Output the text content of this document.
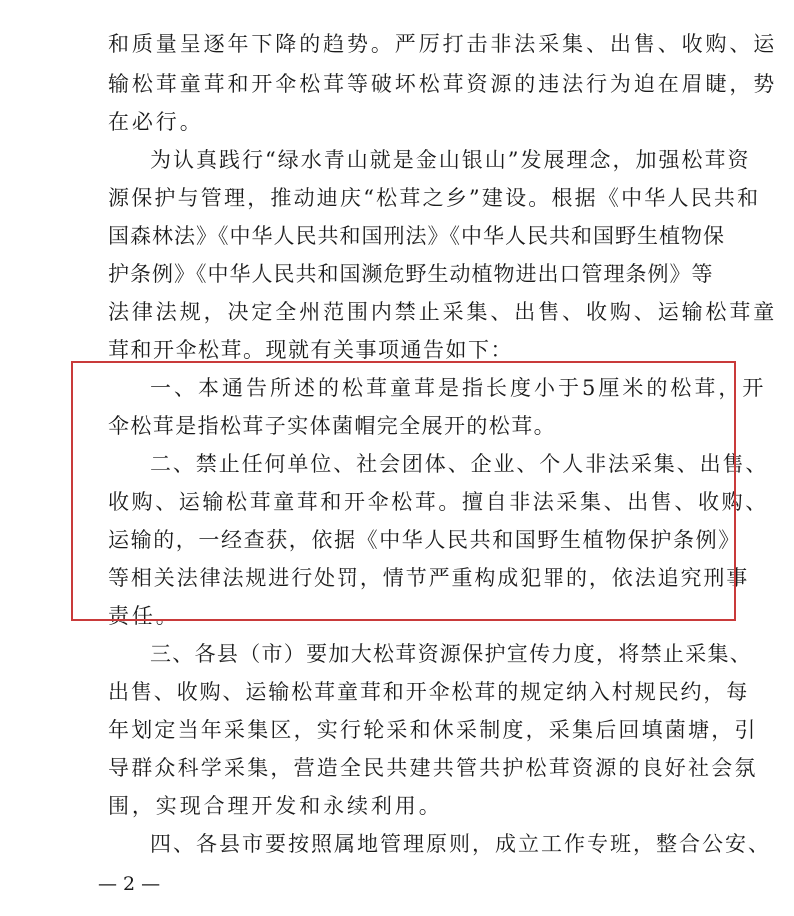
和质量呈逐年下降的趋势。严厉打击非法采集、出售、收购、运
输松茸童茸和开伞松茸等破坏松茸资源的违法行为迫在眉睫，势
在必行。
为认真践行“绿水青山就是金山银山”发展理念，加强松茸资
源保护与管理，推动迪庆“松茸之乡”建设。根据《中华人民共和
国森林法》《中华人民共和国刑法》《中华人民共和国野生植物保
护条例》《中华人民共和国濒危野生动植物进出口管理条例》等
法律法规，决定全州范围内禁止采集、出售、收购、运输松茸童
茸和开伞松茸。现就有关事项通告如下：
一、本通告所述的松茸童茸是指长度小于5厘米的松茸，开
伞松茸是指松茸子实体菌帽完全展开的松茸。
二、禁止任何单位、社会团体、企业、个人非法采集、出售、
收购、运输松茸童茸和开伞松茸。擅自非法采集、出售、收购、
运输的，一经查获，依据《中华人民共和国野生植物保护条例》
等相关法律法规进行处罚，情节严重构成犯罪的，依法追究刑事
责任。
三、各县（市）要加大松茸资源保护宣传力度，将禁止采集、
出售、收购、运输松茸童茸和开伞松茸的规定纳入村规民约，每
年划定当年采集区，实行轮采和休采制度，采集后回填菌塘，引
导群众科学采集，营造全民共建共管共护松茸资源的良好社会氛
围，实现合理开发和永续利用。
四、各县市要按照属地管理原则，成立工作专班，整合公安、
— 2 —
